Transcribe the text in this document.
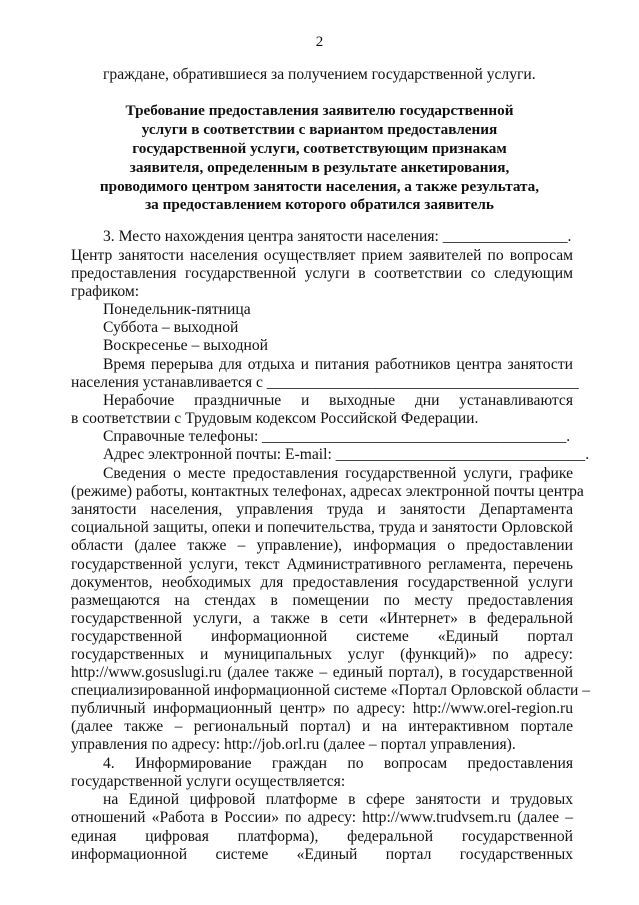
2
граждане, обратившиеся за получением государственной услуги.
Требование предоставления заявителю государственной
услуги в соответствии с вариантом предоставления
государственной услуги, соответствующим признакам
заявителя, определенным в результате анкетирования,
проводимого центром занятости населения, а также результата,
за предоставлением которого обратился заявитель
3. Место нахождения центра занятости населения: ________________.
Центр занятости населения осуществляет прием заявителей по вопросам
предоставления государственной услуги в соответствии со следующим
графиком:
Понедельник-пятница
Суббота – выходной
Воскресенье – выходной
Время перерыва для отдыха и питания работников центра занятости
населения устанавливается с ________________________________________
Нерабочие праздничные и выходные дни устанавливаются
в соответствии с Трудовым кодексом Российской Федерации.
Справочные телефоны: _______________________________________.
Адрес электронной почты: E-mail: ________________________________.
Сведения о месте предоставления государственной услуги, графике
(режиме) работы, контактных телефонах, адресах электронной почты центра
занятости населения, управления труда и занятости Департамента
социальной защиты, опеки и попечительства, труда и занятости Орловской
области (далее также – управление), информация о предоставлении
государственной услуги, текст Административного регламента, перечень
документов, необходимых для предоставления государственной услуги
размещаются на стендах в помещении по месту предоставления
государственной услуги, а также в сети «Интернет» в федеральной
государственной информационной системе «Единый портал
государственных и муниципальных услуг (функций)» по адресу:
http://www.gosuslugi.ru (далее также – единый портал), в государственной
специализированной информационной системе «Портал Орловской области –
публичный информационный центр» по адресу: http://www.orel-region.ru
(далее также – региональный портал) и на интерактивном портале
управления по адресу: http://job.orl.ru (далее – портал управления).
4. Информирование граждан по вопросам предоставления
государственной услуги осуществляется:
на Единой цифровой платформе в сфере занятости и трудовых
отношений «Работа в России» по адресу: http://www.trudvsem.ru (далее –
единая цифровая платформа), федеральной государственной
информационной системе «Единый портал государственных
